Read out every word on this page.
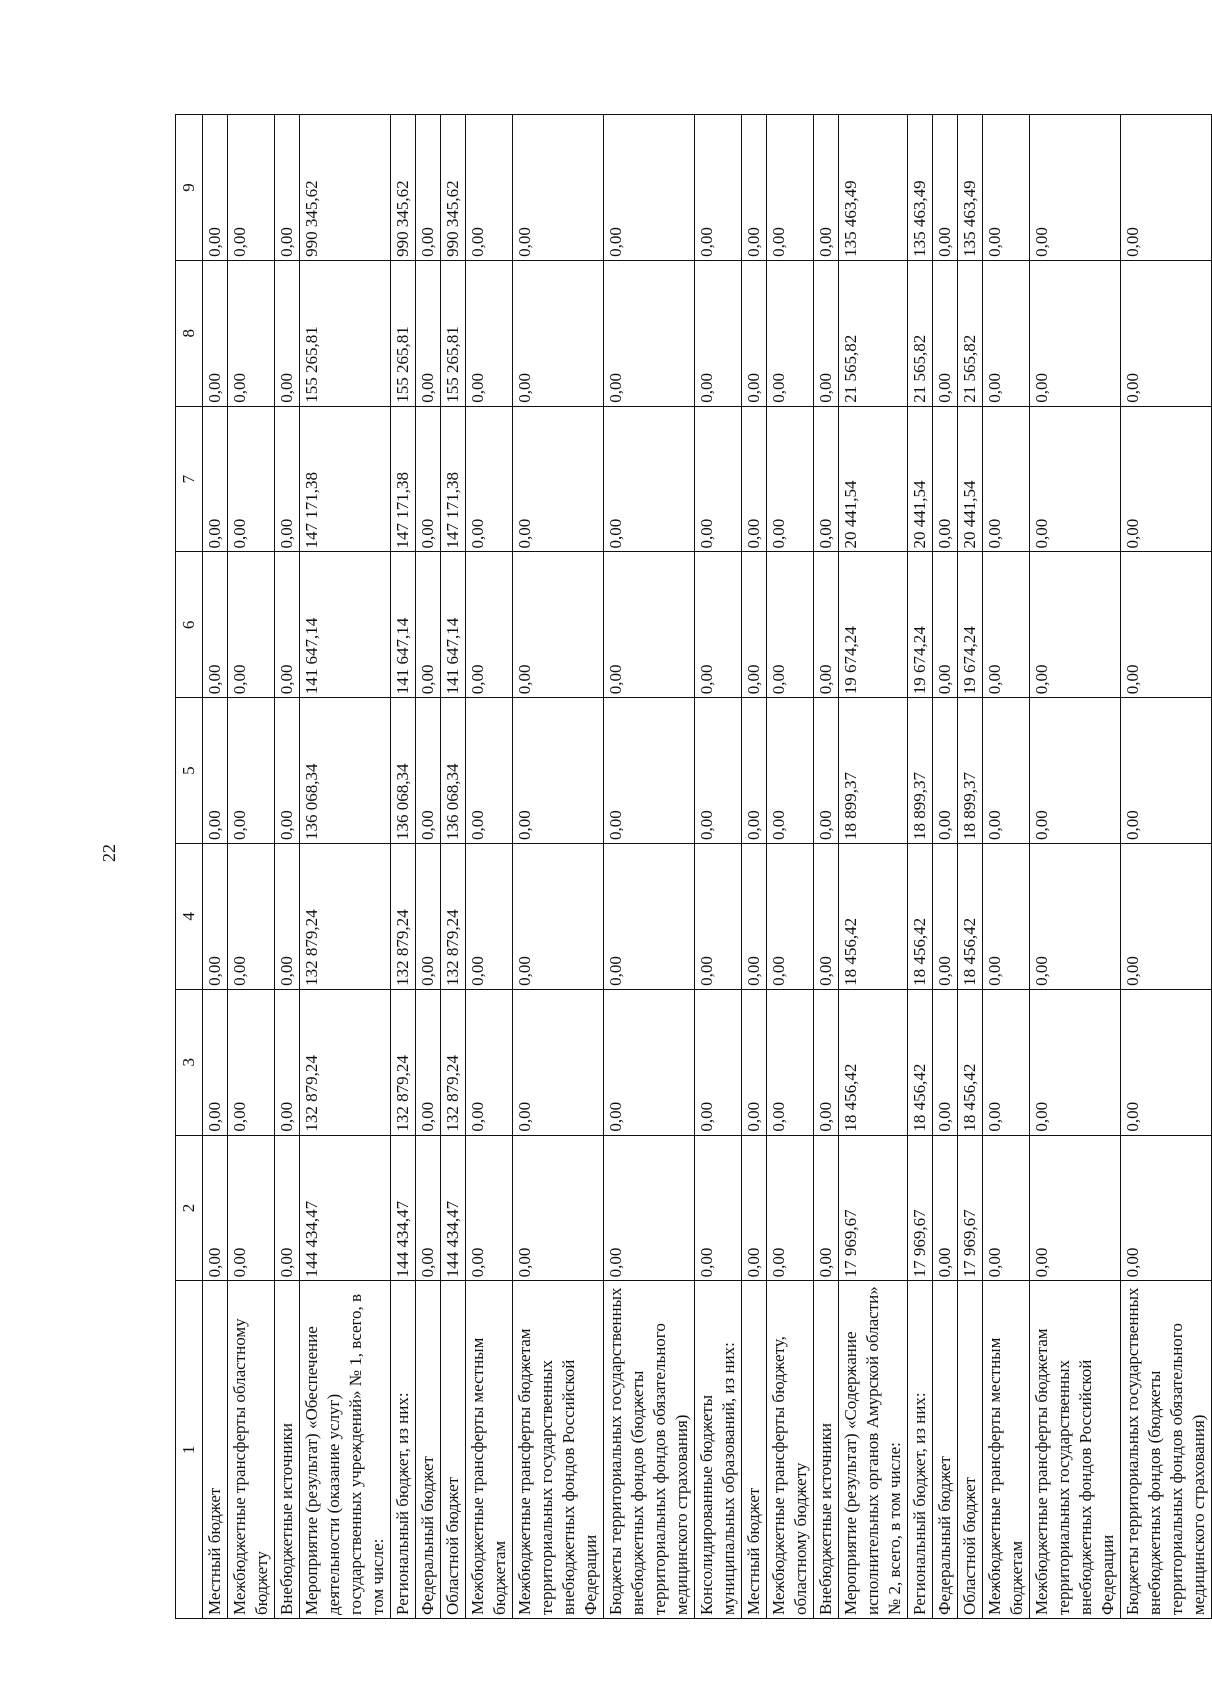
22
1	2	3	4	5	6	7	8	9
Местный бюджет	0,00	0,00	0,00	0,00	0,00	0,00	0,00	0,00
Межбюджетные трансферты областному бюджету	0,00	0,00	0,00	0,00	0,00	0,00	0,00	0,00
Внебюджетные источники	0,00	0,00	0,00	0,00	0,00	0,00	0,00	0,00
Мероприятие (результат) «Обеспечение деятельности (оказание услуг) государственных учреждений» № 1, всего, в том числе:	144 434,47	132 879,24	132 879,24	136 068,34	141 647,14	147 171,38	155 265,81	990 345,62
Региональный бюджет, из них:	144 434,47	132 879,24	132 879,24	136 068,34	141 647,14	147 171,38	155 265,81	990 345,62
Федеральный бюджет	0,00	0,00	0,00	0,00	0,00	0,00	0,00	0,00
Областной бюджет	144 434,47	132 879,24	132 879,24	136 068,34	141 647,14	147 171,38	155 265,81	990 345,62
Межбюджетные трансферты местным бюджетам	0,00	0,00	0,00	0,00	0,00	0,00	0,00	0,00
Межбюджетные трансферты бюджетам территориальных государственных внебюджетных фондов Российской Федерации	0,00	0,00	0,00	0,00	0,00	0,00	0,00	0,00
Бюджеты территориальных государственных внебюджетных фондов (бюджеты территориальных фондов обязательного медицинского страхования)	0,00	0,00	0,00	0,00	0,00	0,00	0,00	0,00
Консолидированные бюджеты муниципальных образований, из них:	0,00	0,00	0,00	0,00	0,00	0,00	0,00	0,00
Местный бюджет	0,00	0,00	0,00	0,00	0,00	0,00	0,00	0,00
Межбюджетные трансферты бюджету, областному бюджету	0,00	0,00	0,00	0,00	0,00	0,00	0,00	0,00
Внебюджетные источники	0,00	0,00	0,00	0,00	0,00	0,00	0,00	0,00
Мероприятие (результат) «Содержание исполнительных органов Амурской области» № 2, всего, в том числе:	17 969,67	18 456,42	18 456,42	18 899,37	19 674,24	20 441,54	21 565,82	135 463,49
Региональный бюджет, из них:	17 969,67	18 456,42	18 456,42	18 899,37	19 674,24	20 441,54	21 565,82	135 463,49
Федеральный бюджет	0,00	0,00	0,00	0,00	0,00	0,00	0,00	0,00
Областной бюджет	17 969,67	18 456,42	18 456,42	18 899,37	19 674,24	20 441,54	21 565,82	135 463,49
Межбюджетные трансферты местным бюджетам	0,00	0,00	0,00	0,00	0,00	0,00	0,00	0,00
Межбюджетные трансферты бюджетам территориальных государственных внебюджетных фондов Российской Федерации	0,00	0,00	0,00	0,00	0,00	0,00	0,00	0,00
Бюджеты территориальных государственных внебюджетных фондов (бюджеты территориальных фондов обязательного медицинского страхования)	0,00	0,00	0,00	0,00	0,00	0,00	0,00	0,00
